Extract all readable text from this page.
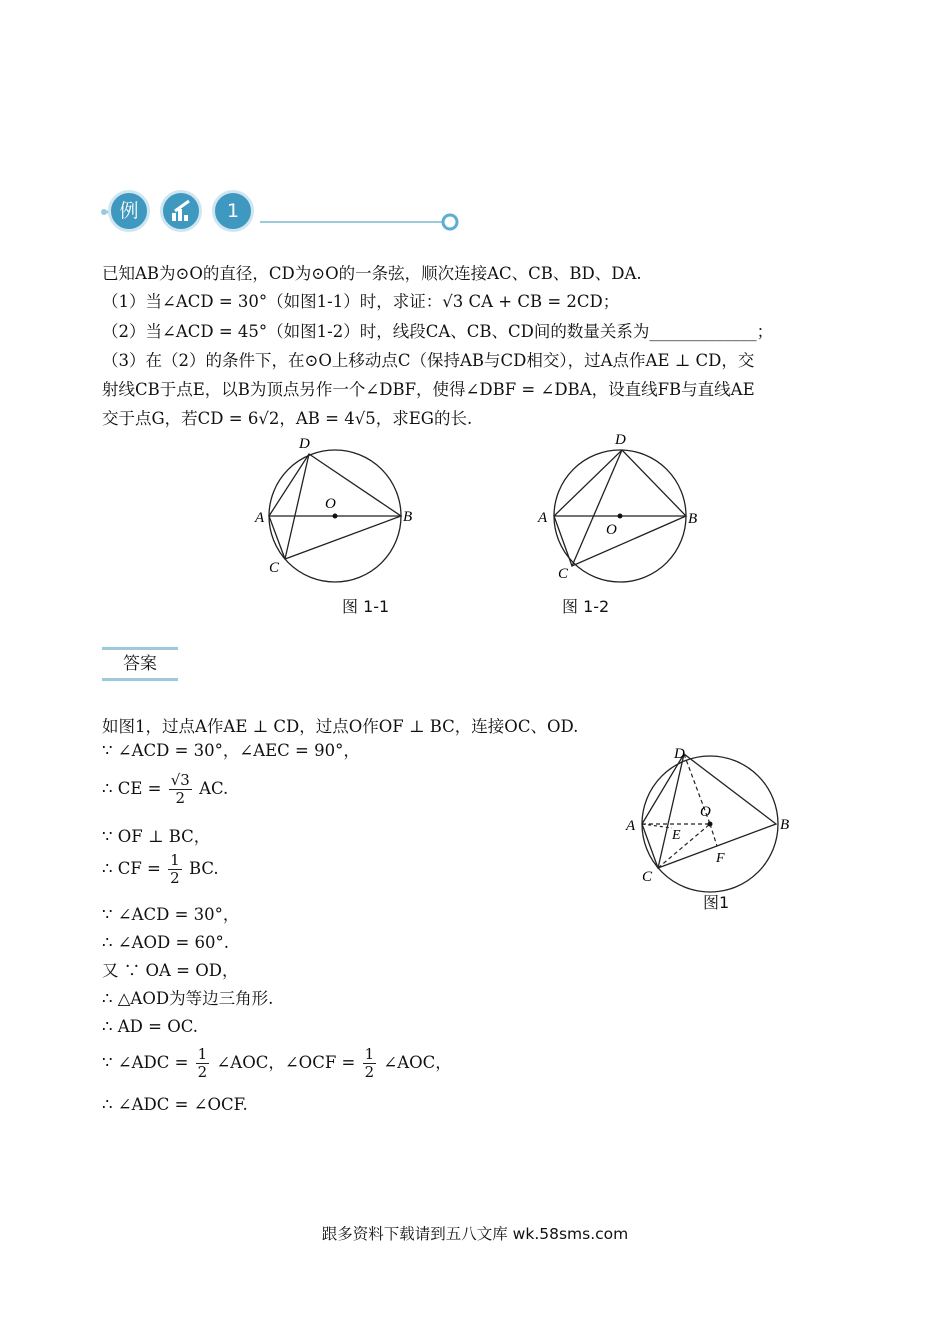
例	1
已知AB为⊙O的直径，CD为⊙O的一条弦，顺次连接AC、CB、BD、DA.
（1）当∠ACD = 30°（如图1-1）时，求证：√3 CA + CB = 2CD；
（2）当∠ACD = 45°（如图1-2）时，线段CA、CB、CD间的数量关系为_____________；
（3）在（2）的条件下，在⊙O上移动点C（保持AB与CD相交），过A点作AE ⊥ CD，交
射线CB于点E，以B为顶点另作一个∠DBF，使得∠DBF = ∠DBA，设直线FB与直线AE
交于点G，若CD = 6√2，AB = 4√5，求EG的长.
O
A	B
C
D
图 1-1
O
A	B
C
D
图 1-2
答案
如图1，过点A作AE ⊥ CD，过点O作OF ⊥ BC，连接OC、OD.
∵ ∠ACD = 30°，∠AEC = 90°，
∴ CE = $\frac{√3}{2}$ AC.
∵ OF ⊥ BC，
∴ CF = $\frac{1}{2}$ BC.
∵ ∠ACD = 30°，
∴ ∠AOD = 60°.
又 ∵ OA = OD，
∴ △AOD为等边三角形.
∴ AD = OC.
∵ ∠ADC = $\frac{1}{2}$ ∠AOC，∠OCF = $\frac{1}{2}$ ∠AOC，
∴ ∠ADC = ∠OCF.
O
E
F
A	B
C
D
图1
跟多资料下载请到五八文库 wk.58sms.com
